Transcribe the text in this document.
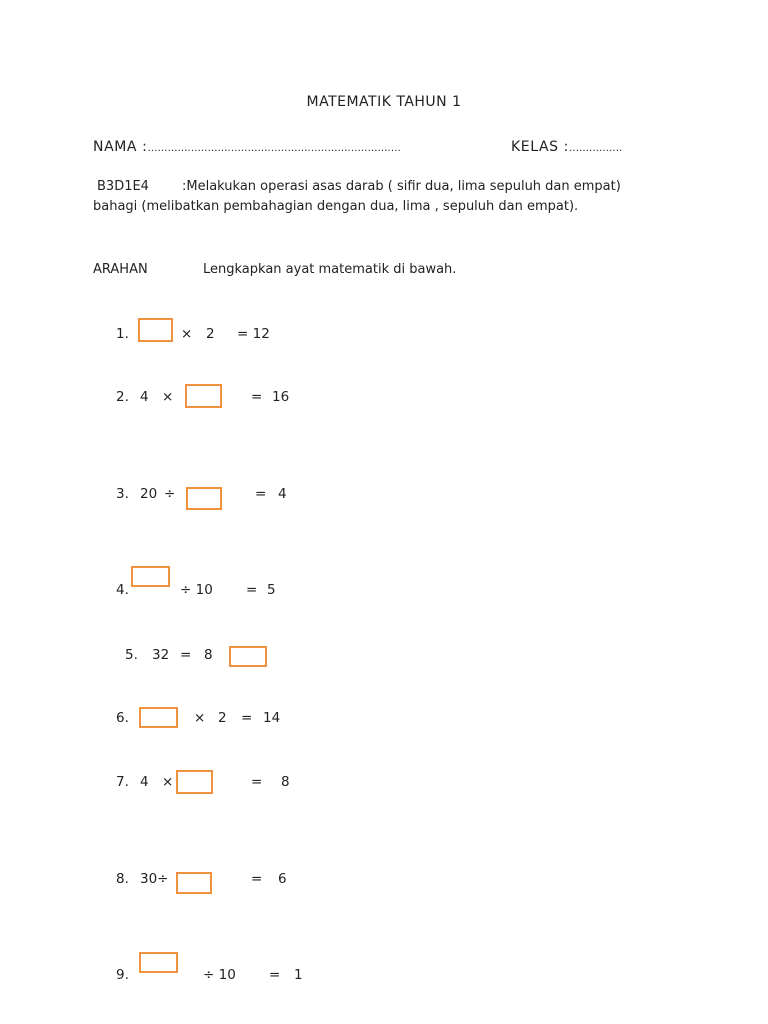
MATEMATIK TAHUN 1
NAMA :………………………………………………………………….	KELAS :…………….
B3D1E4	:Melakukan operasi asas darab ( sifir dua, lima sepuluh dan empat)
bahagi (melibatkan pembahagian dengan dua, lima , sepuluh dan empat).
ARAHAN	Lengkapkan ayat matematik di bawah.
1.	× 2 = 12
2. 4 ×	= 16
3. 20 ÷	= 4
4.	÷ 10 = 5
5. 32 = 8
6.	× 2 = 14
7. 4 ×	= 8
8. 30÷	= 6
9.	÷ 10 = 1
